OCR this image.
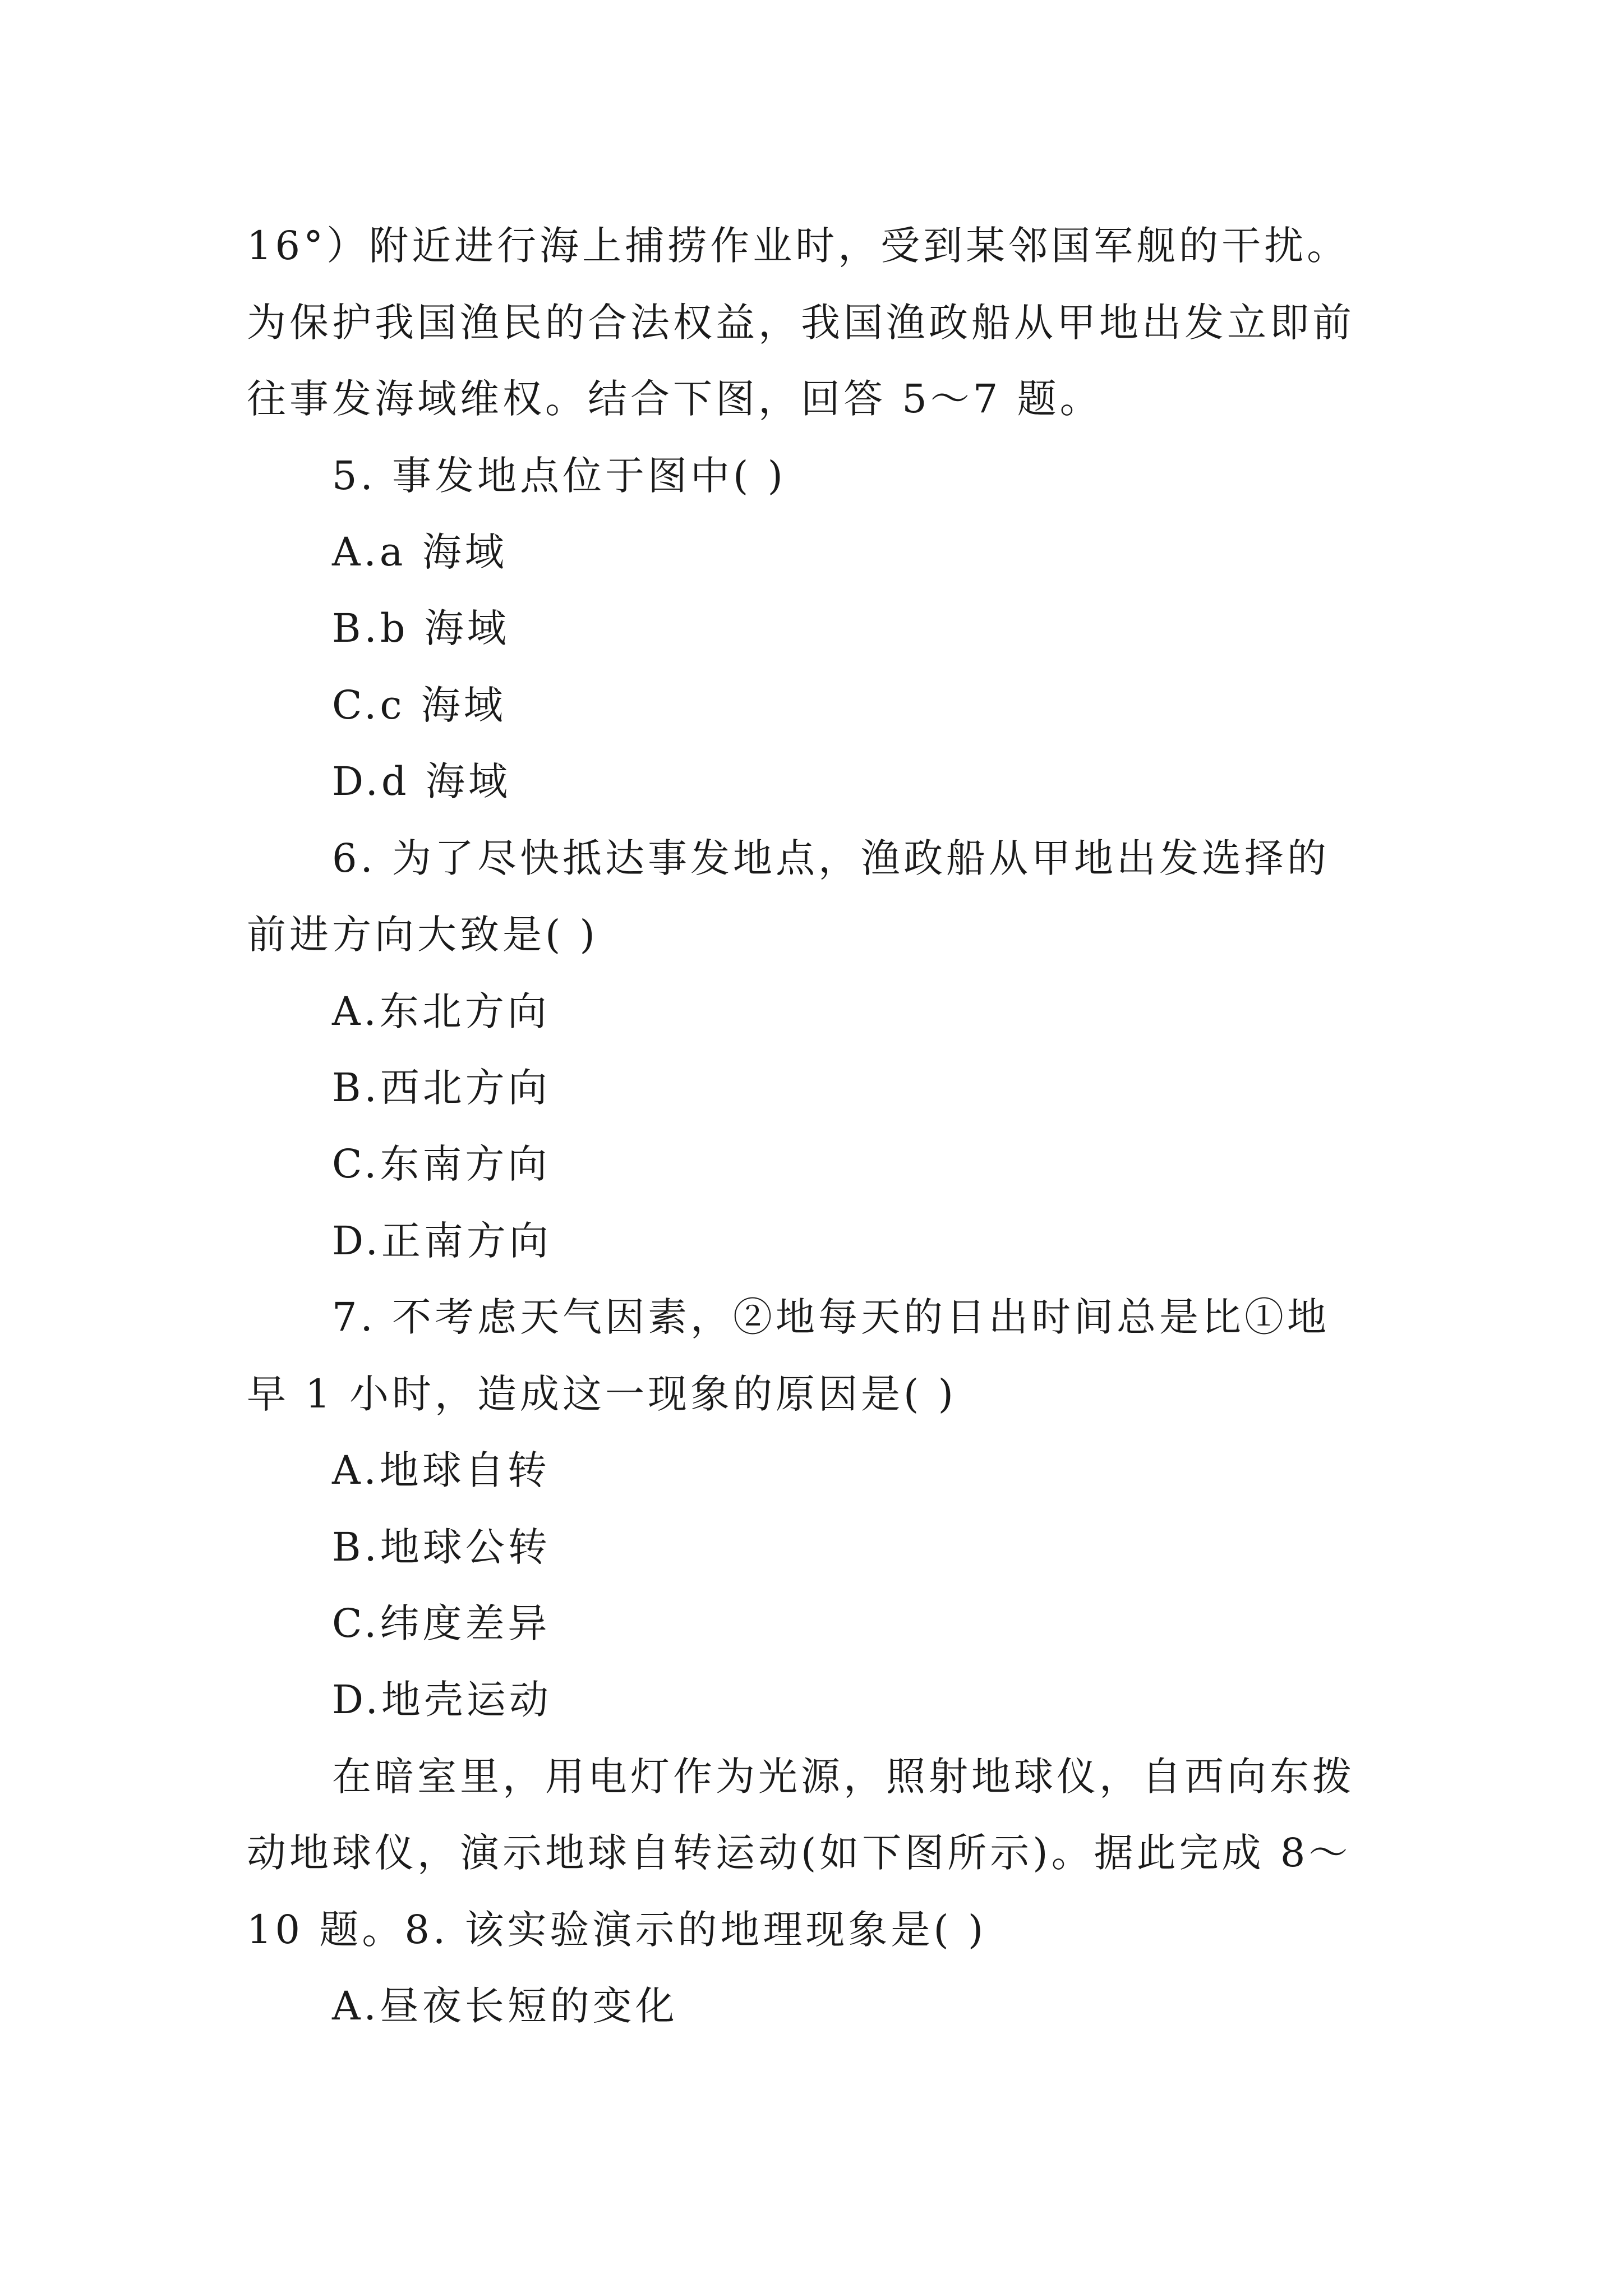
16°）附近进行海上捕捞作业时，受到某邻国军舰的干扰。
为保护我国渔民的合法权益，我国渔政船从甲地出发立即前
往事发海域维权。结合下图，回答 5～7 题。
5. 事发地点位于图中( )
A.a 海域
B.b 海域
C.c 海域
D.d 海域
6. 为了尽快抵达事发地点，渔政船从甲地出发选择的
前进方向大致是( )
A.东北方向
B.西北方向
C.东南方向
D.正南方向
7. 不考虑天气因素，②地每天的日出时间总是比①地
早 1 小时，造成这一现象的原因是( )
A.地球自转
B.地球公转
C.纬度差异
D.地壳运动
在暗室里，用电灯作为光源，照射地球仪，自西向东拨
动地球仪，演示地球自转运动(如下图所示)。据此完成 8～
10 题。8. 该实验演示的地理现象是( )
A.昼夜长短的变化
